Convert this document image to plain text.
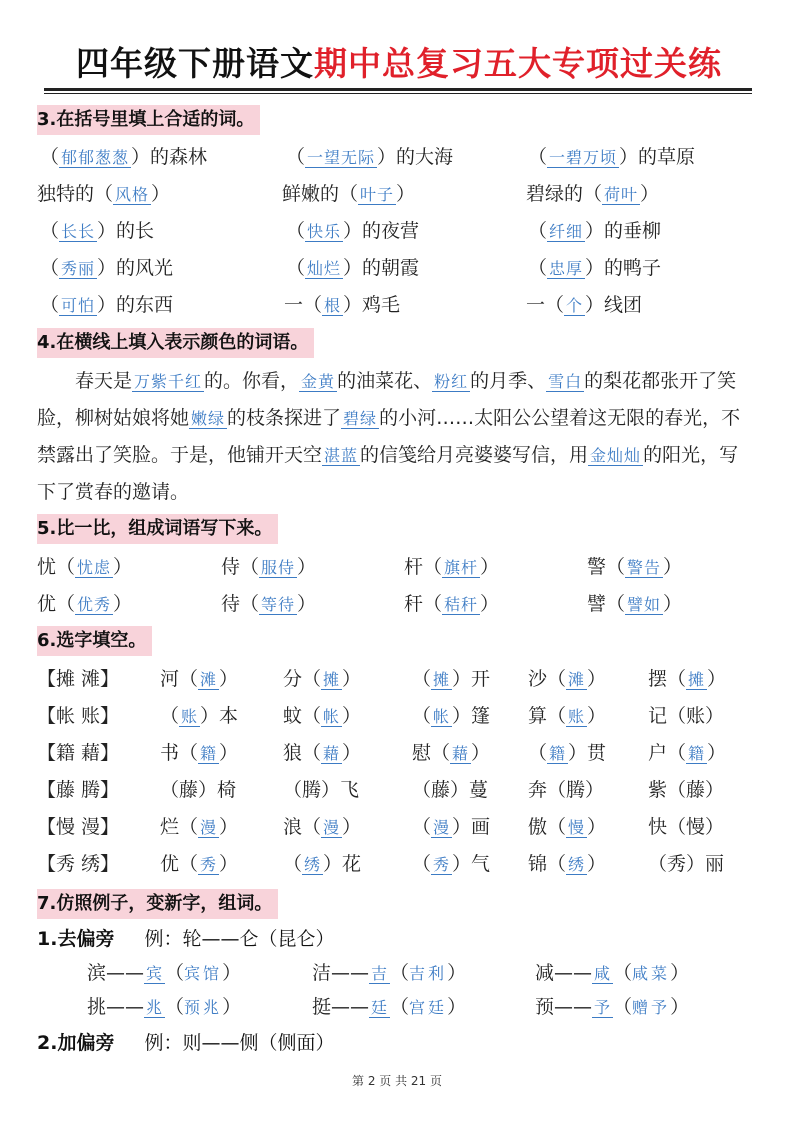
四年级下册语文期中总复习五大专项过关练
3.在括号里填上合适的词。
（ 郁郁葱葱 ）的森林	（ 一望无际 ）的大海	（ 一碧万顷 ）的草原
独特的（ 风格 ）	鲜嫩的（ 叶子 ）	碧绿的（ 荷叶 ）
（ 长长 ）的长	（ 快乐 ）的夜营	（ 纤细 ）的垂柳
（ 秀丽 ）的风光	（ 灿烂 ）的朝霞	（ 忠厚 ）的鸭子
（ 可怕 ）的东西	一（ 根 ）鸡毛	一（ 个 ）线团
4.在横线上填入表示颜色的词语。
春天是 万紫千红 的。你看， 金黄 的油菜花、 粉红 的月季、 雪白 的梨花都张开了笑脸，柳树姑娘将她 嫩绿 的枝条探进了 碧绿 的小河……太阳公公望着这无限的春光，不禁露出了笑脸。于是，他铺开天空 湛蓝 的信笺给月亮婆婆写信，用 金灿灿 的阳光，写下了赏春的邀请。
5.比一比，组成词语写下来。
忧（ 忧虑 ）	侍（ 服侍 ）	杆（ 旗杆 ）	警（ 警告 ）
优（ 优秀 ）	待（ 等待 ）	秆（ 秸秆 ）	譬（ 譬如 ）
6.选字填空。
【摊 滩】 河（ 滩 ） 分（ 摊 ）	（ 摊 ）开 沙（ 滩 ） 摆（ 摊 ）
【帐 账】 （ 账 ）本 蚊（ 帐 ）	（ 帐 ）篷 算（ 账 ） 记（账）
【籍 藉】 书（ 籍 ） 狼（ 藉 ）	慰（ 藉 ） （ 籍 ）贯 户（ 籍 ）
【藤 腾】 （藤）椅 （腾）飞	（藤）蔓 奔（腾） 紫（藤）
【慢 漫】 烂（ 漫 ） 浪（ 漫 ）	（ 漫 ）画 傲（ 慢 ） 快（慢）
【秀 绣】 优（ 秀 ） （ 绣 ）花	（ 秀 ）气 锦（ 绣 ） （秀）丽
7.仿照例子，变新字，组词。
1.去偏旁 例：轮——仑（昆仑）
滨—— 宾 （宾馆）	洁—— 吉 （吉利）	减—— 咸 （咸菜）
挑—— 兆 （预兆）	挺—— 廷 （宫廷）	预—— 予 （赠予）
2.加偏旁 例：则——侧（侧面）
第 2 页 共 21 页
